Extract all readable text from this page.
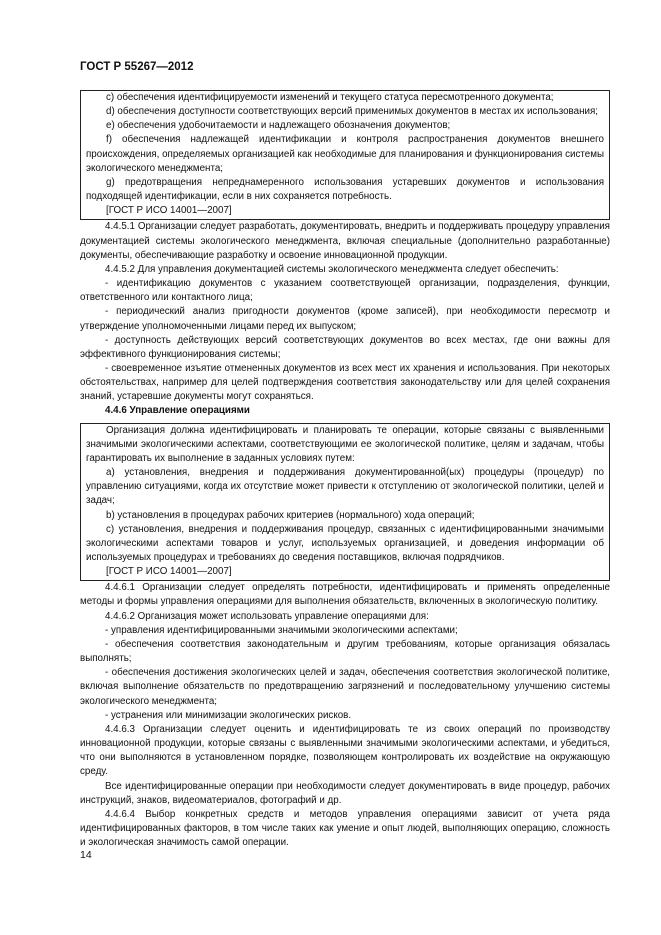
ГОСТ Р 55267—2012

c) обеспечения идентифицируемости изменений и текущего статуса пересмотренного документа;

d) обеспечения доступности соответствующих версий применимых документов в местах их использования;

e) обеспечения удобочитаемости и надлежащего обозначения документов;

f) обеспечения надлежащей идентификации и контроля распространения документов внешнего происхождения, определяемых организацией как необходимые для планирования и функционирования системы экологического менеджмента;

g) предотвращения непреднамеренного использования устаревших документов и использования подходящей идентификации, если в них сохраняется потребность.

[ГОСТ Р ИСО 14001—2007]

4.4.5.1 Организации следует разработать, документировать, внедрить и поддерживать процедуру управления документацией системы экологического менеджмента, включая специальные (дополнительно разработанные) документы, обеспечивающие разработку и освоение инновационной продукции.

4.4.5.2 Для управления документацией системы экологического менеджмента следует обеспечить:

- идентификацию документов с указанием соответствующей организации, подразделения, функции, ответственного или контактного лица;

- периодический анализ пригодности документов (кроме записей), при необходимости пересмотр и утверждение уполномоченными лицами перед их выпуском;

- доступность действующих версий соответствующих документов во всех местах, где они важны для эффективного функционирования системы;

- своевременное изъятие отмененных документов из всех мест их хранения и использования. При некоторых обстоятельствах, например для целей подтверждения соответствия законодательству или для целей сохранения знаний, устаревшие документы могут сохраняться.

4.4.6 Управление операциями

Организация должна идентифицировать и планировать те операции, которые связаны с выявленными значимыми экологическими аспектами, соответствующими ее экологической политике, целям и задачам, чтобы гарантировать их выполнение в заданных условиях путем:

a) установления, внедрения и поддерживания документированной(ых) процедуры (процедур) по управлению ситуациями, когда их отсутствие может привести к отступлению от экологической политики, целей и задач;

b) установления в процедурах рабочих критериев (нормального) хода операций;

c) установления, внедрения и поддерживания процедур, связанных с идентифицированными значимыми экологическими аспектами товаров и услуг, используемых организацией, и доведения информации об используемых процедурах и требованиях до сведения поставщиков, включая подрядчиков.

[ГОСТ Р ИСО 14001—2007]

4.4.6.1 Организации следует определять потребности, идентифицировать и применять определенные методы и формы управления операциями для выполнения обязательств, включенных в экологическую политику.

4.4.6.2 Организация может использовать управление операциями для:

- управления идентифицированными значимыми экологическими аспектами;

- обеспечения соответствия законодательным и другим требованиям, которые организация обязалась выполнять;

- обеспечения достижения экологических целей и задач, обеспечения соответствия экологической политике, включая выполнение обязательств по предотвращению загрязнений и последовательному улучшению системы экологического менеджмента;

- устранения или минимизации экологических рисков.

4.4.6.3 Организации следует оценить и идентифицировать те из своих операций по производству инновационной продукции, которые связаны с выявленными значимыми экологическими аспектами, и убедиться, что они выполняются в установленном порядке, позволяющем контролировать их воздействие на окружающую среду.

Все идентифицированные операции при необходимости следует документировать в виде процедур, рабочих инструкций, знаков, видеоматериалов, фотографий и др.

4.4.6.4 Выбор конкретных средств и методов управления операциями зависит от учета ряда идентифицированных факторов, в том числе таких как умение и опыт людей, выполняющих операцию, сложность и экологическая значимость самой операции.

14
